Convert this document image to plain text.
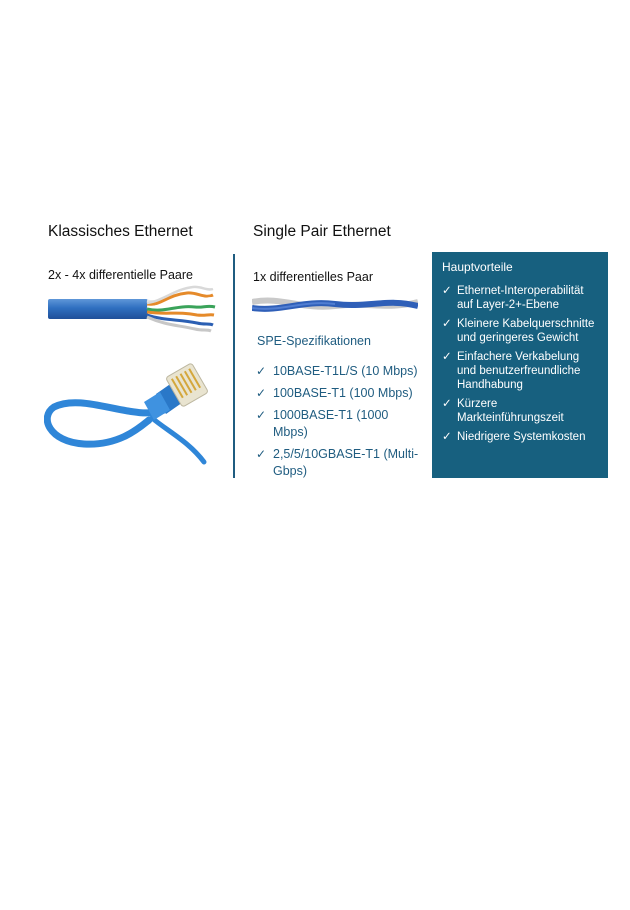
Klassisches Ethernet	Single Pair Ethernet
2x - 4x differentielle Paare	1x differentielles Paar
SPE-Spezifikationen
✓ 10BASE-T1L/S (10 Mbps)
✓ 100BASE-T1 (100 Mbps)
✓ 1000BASE-T1 (1000 Mbps)
✓ 2,5/5/10GBASE-T1 (Multi-Gbps)
Hauptvorteile
✓ Ethernet-Interoperabilität auf Layer-2+-Ebene
✓ Kleinere Kabelquerschnitte und geringeres Gewicht
✓ Einfachere Verkabelung und benutzerfreundliche Handhabung
✓ Kürzere Markteinführungszeit
✓ Niedrigere Systemkosten
